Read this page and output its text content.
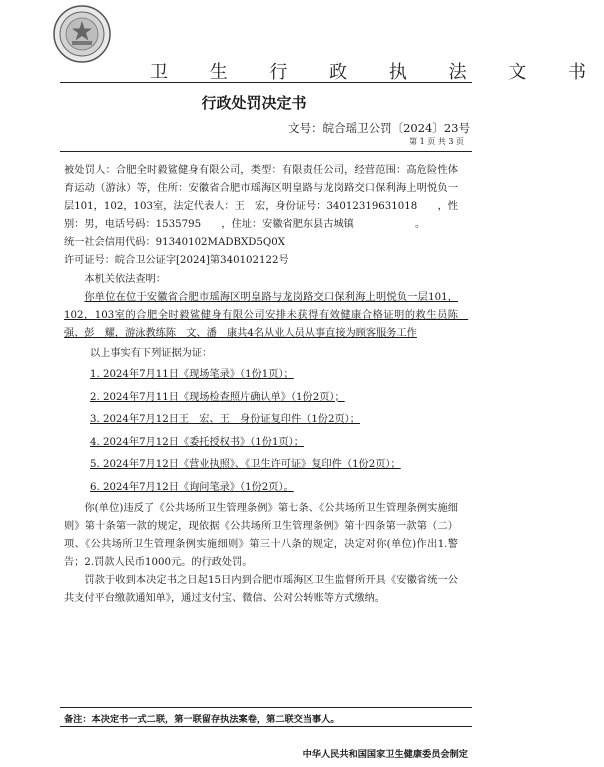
卫 生 行 政 执 法 文 书
行政处罚决定书
文号：皖合瑶卫公罚〔2024〕23号
第 1 页 共 3 页

被处罚人：合肥全时毅鲨健身有限公司，类型：有限责任公司，经营范围：高危险性体育运动（游泳）等，住所：安徽省合肥市瑶海区明皇路与龙岗路交口保利海上明悦负一层101，102，103室，法定代表人：王　宏，身份证号：34012319631018　　，性别：男，电话号码：1535795　　，住址：安徽省肥东县古城镇　　　　　　。

统一社会信用代码：91340102MADBXD5Q0X

许可证号：皖合卫公证字[2024]第340102122号

本机关依法查明：

你单位在位于安徽省合肥市瑶海区明皇路与龙岗路交口保利海上明悦负一层101，102，103室的合肥全时毅鲨健身有限公司安排未获得有效健康合格证明的救生员陈　强、彭　耀，游泳教练陈　文、潘　康共4名从业人员从事直接为顾客服务工作

以上事实有下列证据为证：

1. 2024年7月11日《现场笔录》（1份1页）；

2. 2024年7月11日《现场检查照片确认单》（1份2页）；

3. 2024年7月12日王　宏、王　身份证复印件（1份2页）；

4. 2024年7月12日《委托授权书》（1份1页）；

5. 2024年7月12日《营业执照》、《卫生许可证》复印件（1份2页）；

6. 2024年7月12日《询问笔录》（1份2页）。

你(单位)违反了《公共场所卫生管理条例》第七条、《公共场所卫生管理条例实施细则》第十条第一款的规定，现依据《公共场所卫生管理条例》第十四条第一款第（二）项、《公共场所卫生管理条例实施细则》第三十八条的规定，决定对你(单位)作出1.警告；2.罚款人民币1000元。的行政处罚。

罚款于收到本决定书之日起15日内到合肥市瑶海区卫生监督所开具《安徽省统一公共支付平台缴款通知单》，通过支付宝、微信、公对公转账等方式缴纳。

备注：本决定书一式二联，第一联留存执法案卷，第二联交当事人。
中华人民共和国国家卫生健康委员会制定
